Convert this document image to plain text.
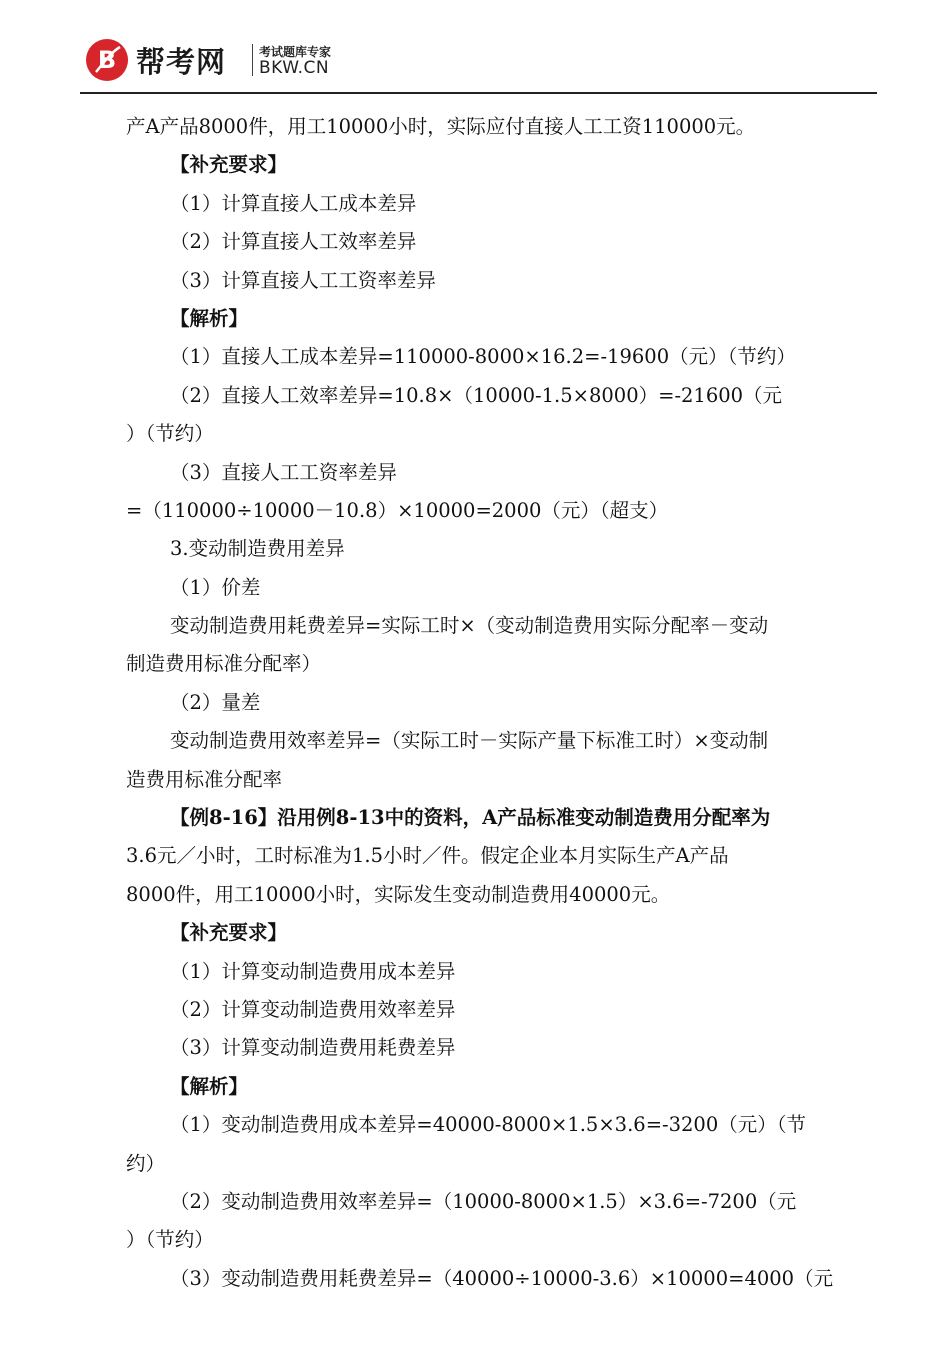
B 帮考网	考试题库专家
BKW.CN
产A产品8000件，用工10000小时，实际应付直接人工工资110000元。
【补充要求】
（1）计算直接人工成本差异
（2）计算直接人工效率差异
（3）计算直接人工工资率差异
【解析】
（1）直接人工成本差异=110000-8000×16.2=-19600（元）（节约）
（2）直接人工效率差异=10.8×（10000-1.5×8000）=-21600（元
）（节约）
（3）直接人工工资率差异
=（110000÷10000－10.8）×10000=2000（元）（超支）
3.变动制造费用差异
（1）价差
变动制造费用耗费差异=实际工时×（变动制造费用实际分配率－变动
制造费用标准分配率）
（2）量差
变动制造费用效率差异=（实际工时－实际产量下标准工时）×变动制
造费用标准分配率
【例8-16】沿用例8-13中的资料，A产品标准变动制造费用分配率为
3.6元／小时，工时标准为1.5小时／件。假定企业本月实际生产A产品
8000件，用工10000小时，实际发生变动制造费用40000元。
【补充要求】
（1）计算变动制造费用成本差异
（2）计算变动制造费用效率差异
（3）计算变动制造费用耗费差异
【解析】
（1）变动制造费用成本差异=40000-8000×1.5×3.6=-3200（元）（节
约）
（2）变动制造费用效率差异=（10000-8000×1.5）×3.6=-7200（元
）（节约）
（3）变动制造费用耗费差异=（40000÷10000-3.6）×10000=4000（元
